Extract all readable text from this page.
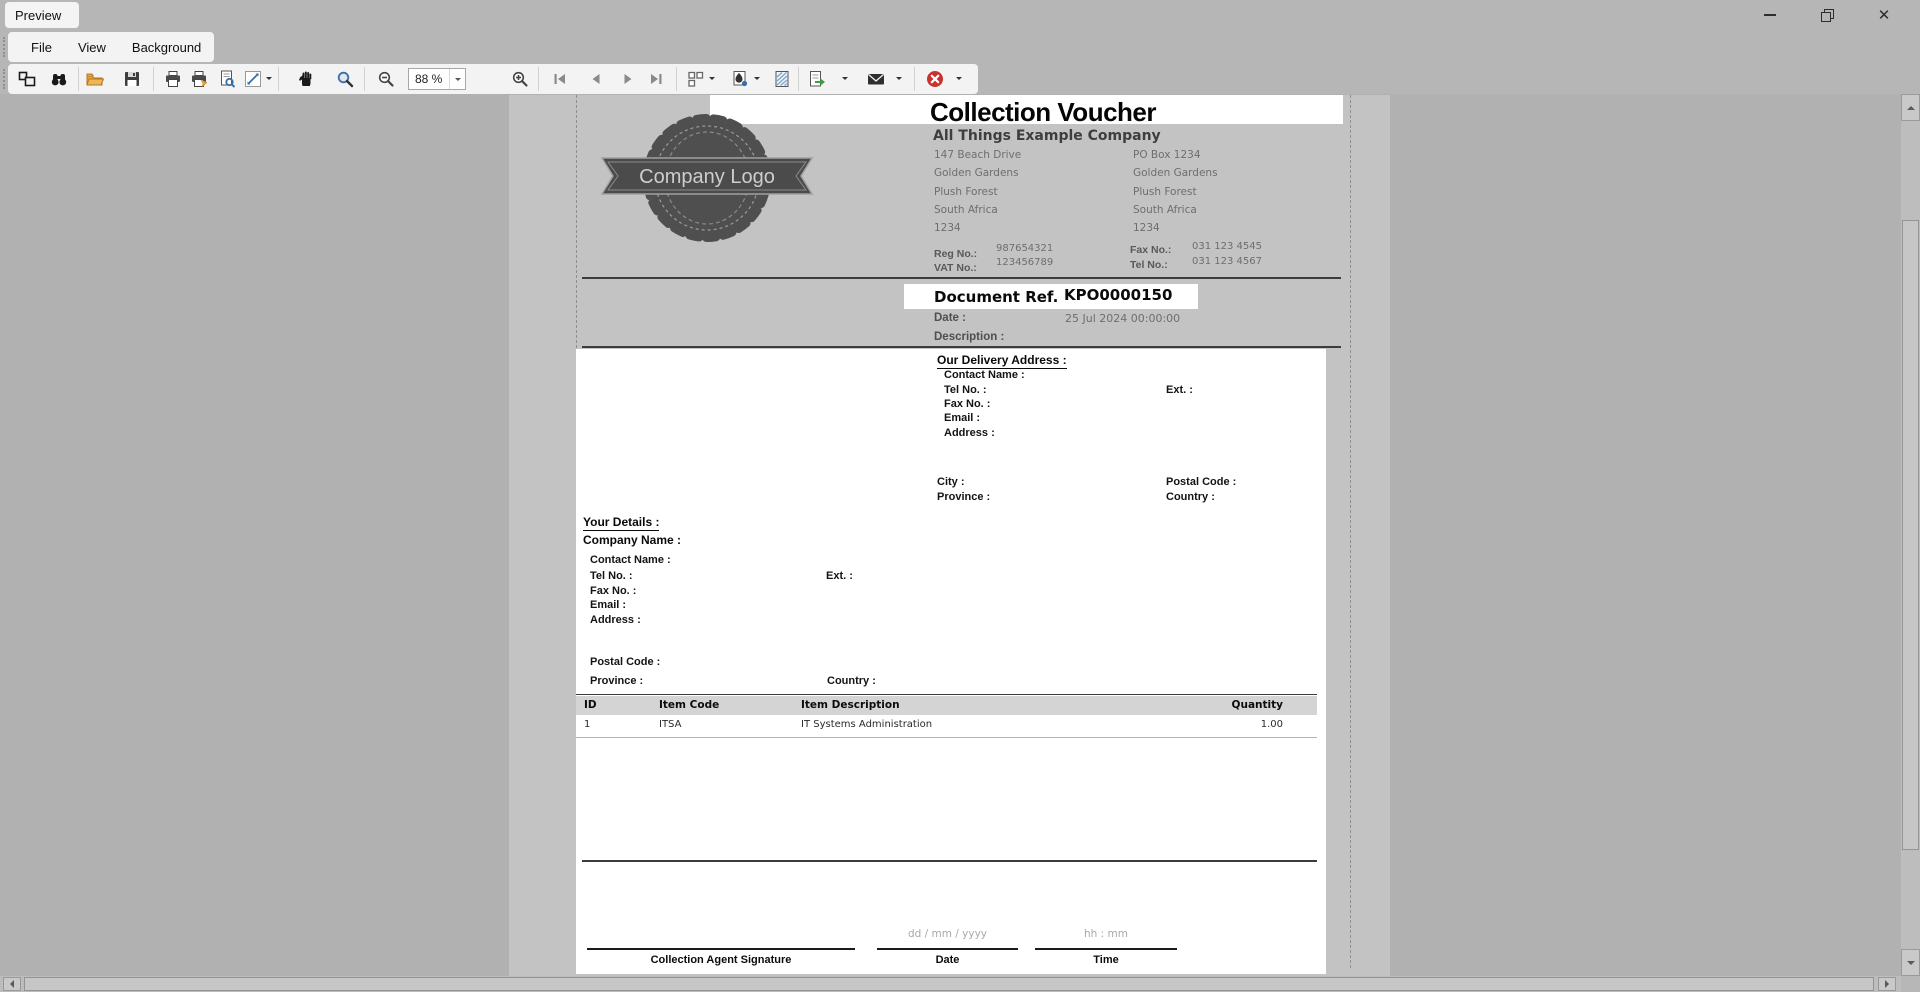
Preview	✕
File	View	Background
88 %
Collection Voucher
Company Logo
All Things Example Company
147 Beach Drive
Golden Gardens
Plush Forest
South Africa
1234
PO Box 1234
Golden Gardens
Plush Forest
South Africa
1234
Reg No.: 987654321
VAT No.: 123456789
Fax No.: 031 123 4545
Tel No.: 031 123 4567
Document Ref. KPO0000150
Date :	25 Jul 2024 00:00:00
Description :
Our Delivery Address :
Contact Name :
Tel No. :	Ext. :
Fax No. :
Email :
Address :
City :	Postal Code :
Province :	Country :
Your Details :
Company Name :
Contact Name :
Tel No. :	Ext. :
Fax No. :
Email :
Address :
Postal Code :
Province :	Country :
ID	Item Code	Item Description	Quantity
1	ITSA	IT Systems Administration	1.00
dd / mm / yyyy	hh : mm
Collection Agent Signature	Date	Time
